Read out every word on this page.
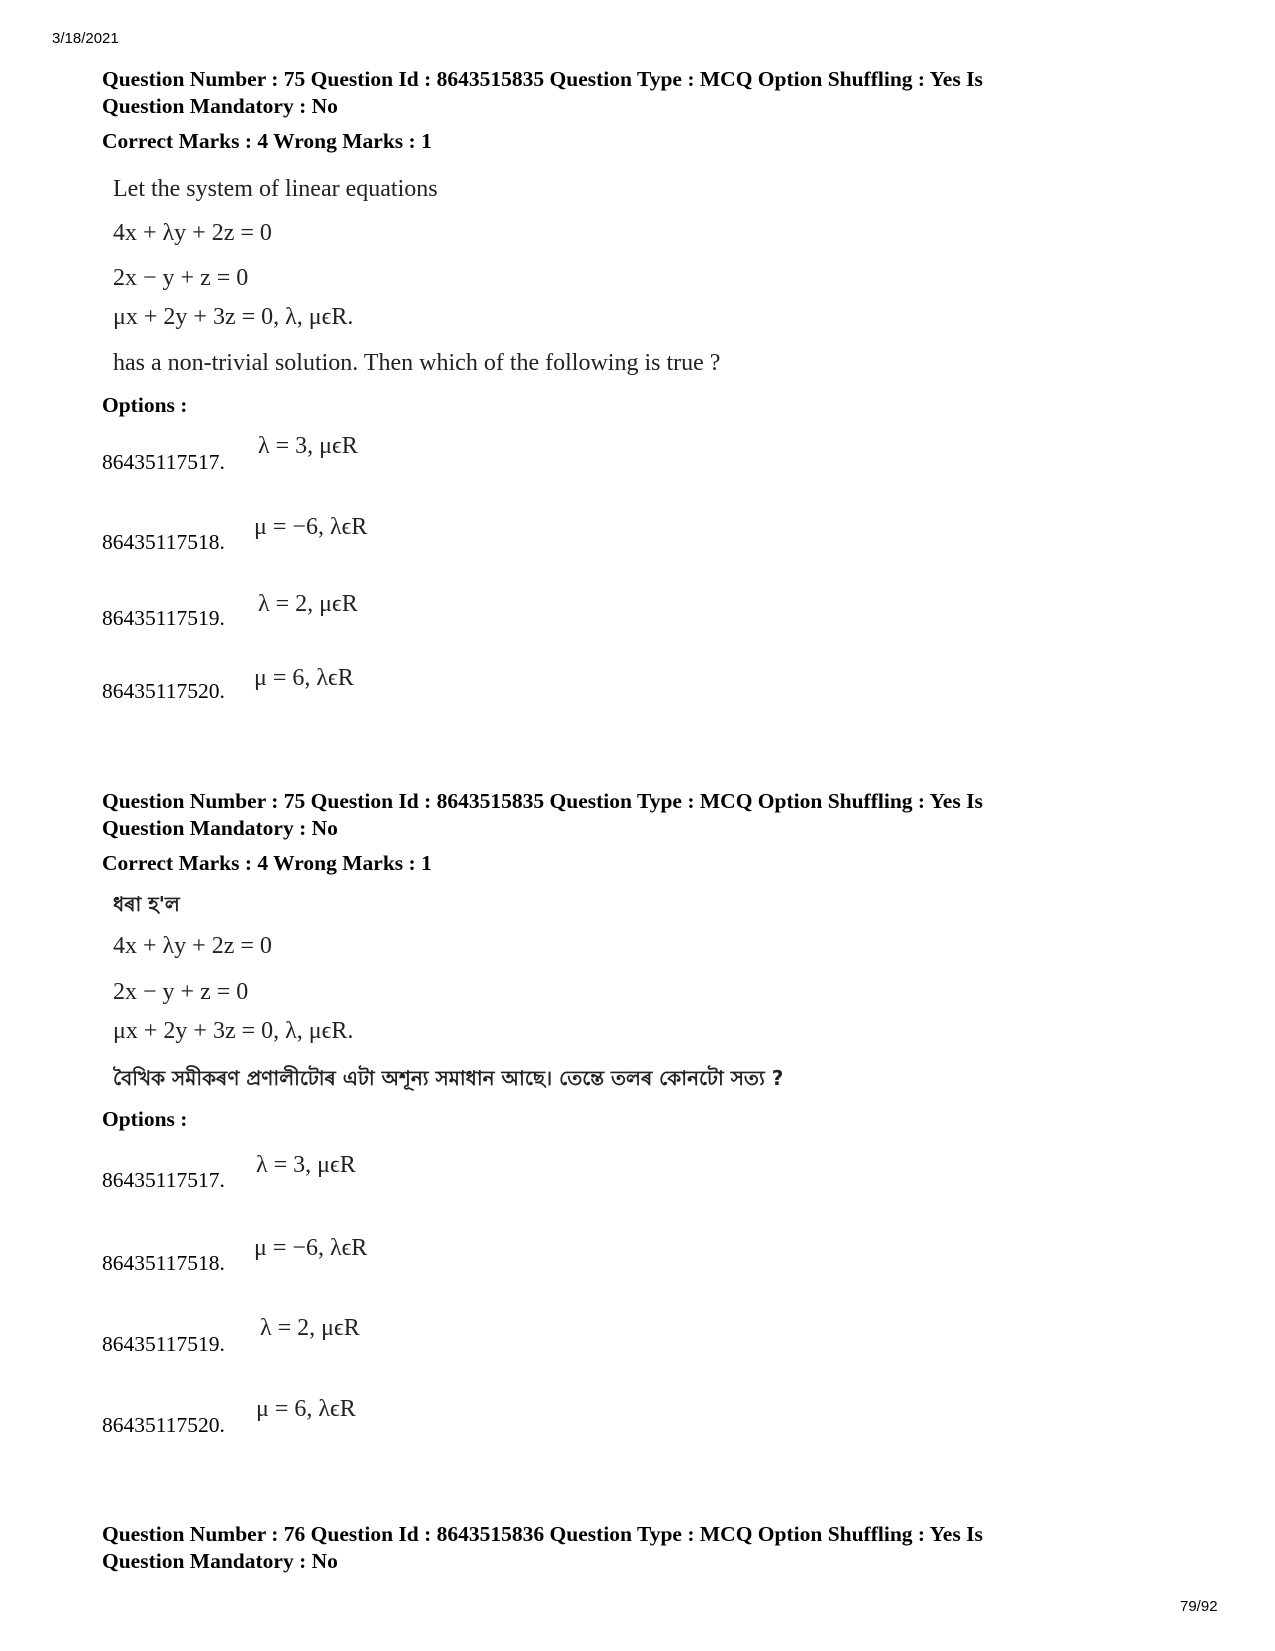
3/18/2021
Question Number : 75 Question Id : 8643515835 Question Type : MCQ Option Shuffling : Yes Is
Question Mandatory : No
Correct Marks : 4 Wrong Marks : 1
Let the system of linear equations
4x + λy + 2z = 0
2x − y + z = 0
μx + 2y + 3z = 0, λ, μϵR.
has a non-trivial solution. Then which of the following is true ?
Options :
86435117517.
λ = 3, μϵR
86435117518.
μ = −6, λϵR
86435117519.
λ = 2, μϵR
86435117520. μ = 6, λϵR
Question Number : 75 Question Id : 8643515835 Question Type : MCQ Option Shuffling : Yes Is
Question Mandatory : No
Correct Marks : 4 Wrong Marks : 1
ধৰা হ'ল
4x + λy + 2z = 0
2x − y + z = 0
μx + 2y + 3z = 0, λ, μϵR.
বৈখিক সমীকৰণ প্ৰণালীটোৰ এটা অশূন্য সমাধান আছে। তেন্তে তলৰ কোনটো সত্য ?
Options :
86435117517.
λ = 3, μϵR
86435117518.
μ = −6, λϵR
86435117519.
λ = 2, μϵR
86435117520.
μ = 6, λϵR
Question Number : 76 Question Id : 8643515836 Question Type : MCQ Option Shuffling : Yes Is
Question Mandatory : No
79/92
